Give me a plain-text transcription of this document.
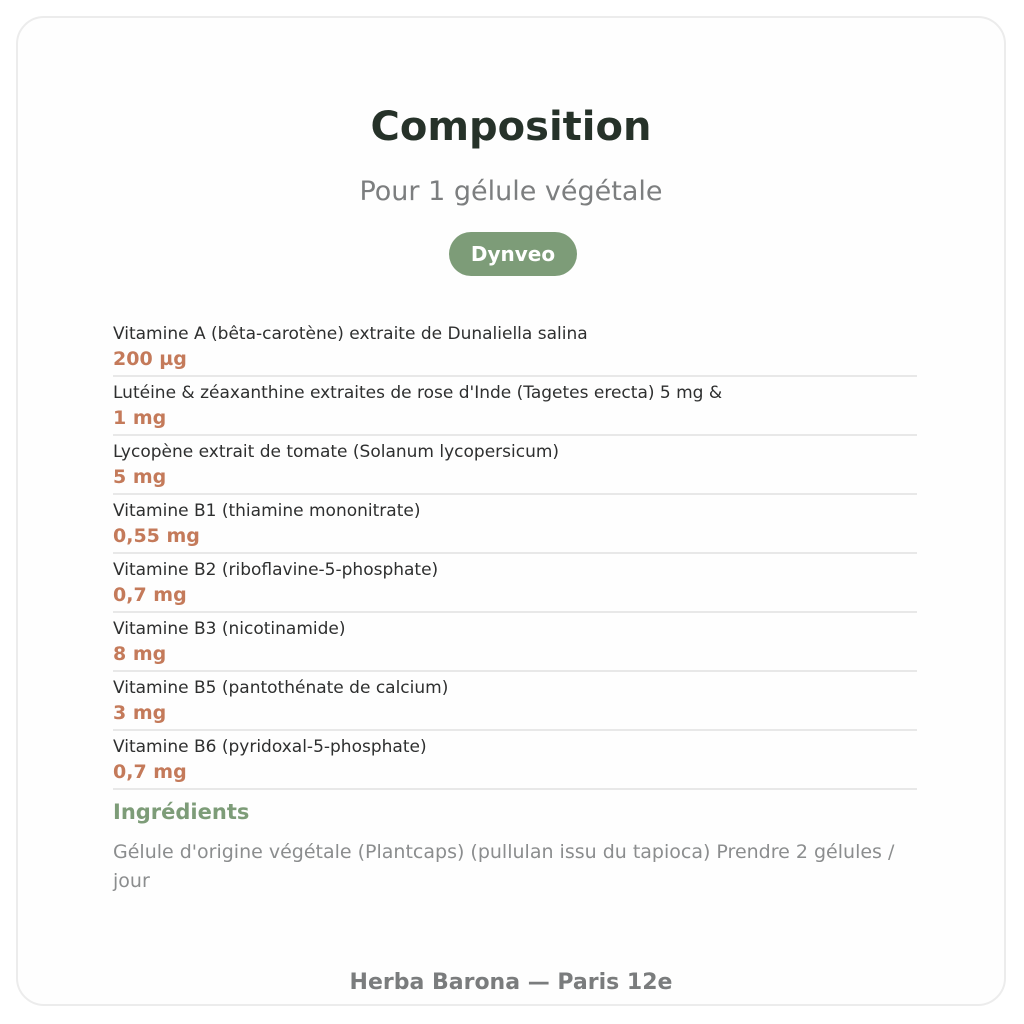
Composition

Pour 1 gélule végétale

Dynveo
Vitamine A (bêta-carotène) extraite de Dunaliella salina
200 µg
Lutéine & zéaxanthine extraites de rose d'Inde (Tagetes erecta) 5 mg &
1 mg
Lycopène extrait de tomate (Solanum lycopersicum)
5 mg
Vitamine B1 (thiamine mononitrate)
0,55 mg
Vitamine B2 (riboflavine-5-phosphate)
0,7 mg
Vitamine B3 (nicotinamide)
8 mg
Vitamine B5 (pantothénate de calcium)
3 mg
Vitamine B6 (pyridoxal-5-phosphate)
0,7 mg
Ingrédients
Gélule d'origine végétale (Plantcaps) (pullulan issu du tapioca) Prendre 2 gélules / jour
Herba Barona — Paris 12e
